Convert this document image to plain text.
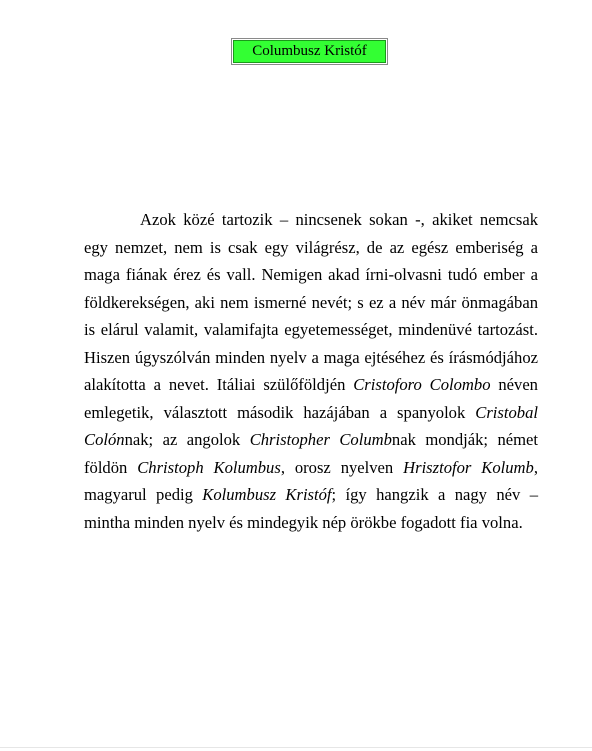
Columbusz Kristóf
Azok közé tartozik – nincsenek sokan -, akiket nemcsak egy nemzet, nem is csak egy világrész, de az egész emberiség a maga fiának érez és vall. Nemigen akad írni-olvasni tudó ember a földkerekségen, aki nem ismerné nevét; s ez a név már önmagában is elárul valamit, valamifajta egyetemességet, mindenüvé tartozást. Hiszen úgyszólván minden nyelv a maga ejtéséhez és írásmódjához alakította a nevet. Itáliai szülőföldjén Cristoforo Colombo néven emlegetik, választott második hazájában a spanyolok Cristobal Colónnak; az angolok Christopher Columbnak mondják; német földön Christoph Kolumbus, orosz nyelven Hrisztofor Kolumb, magyarul pedig Kolumbusz Kristóf; így hangzik a nagy név – mintha minden nyelv és mindegyik nép örökbe fogadott fia volna.
